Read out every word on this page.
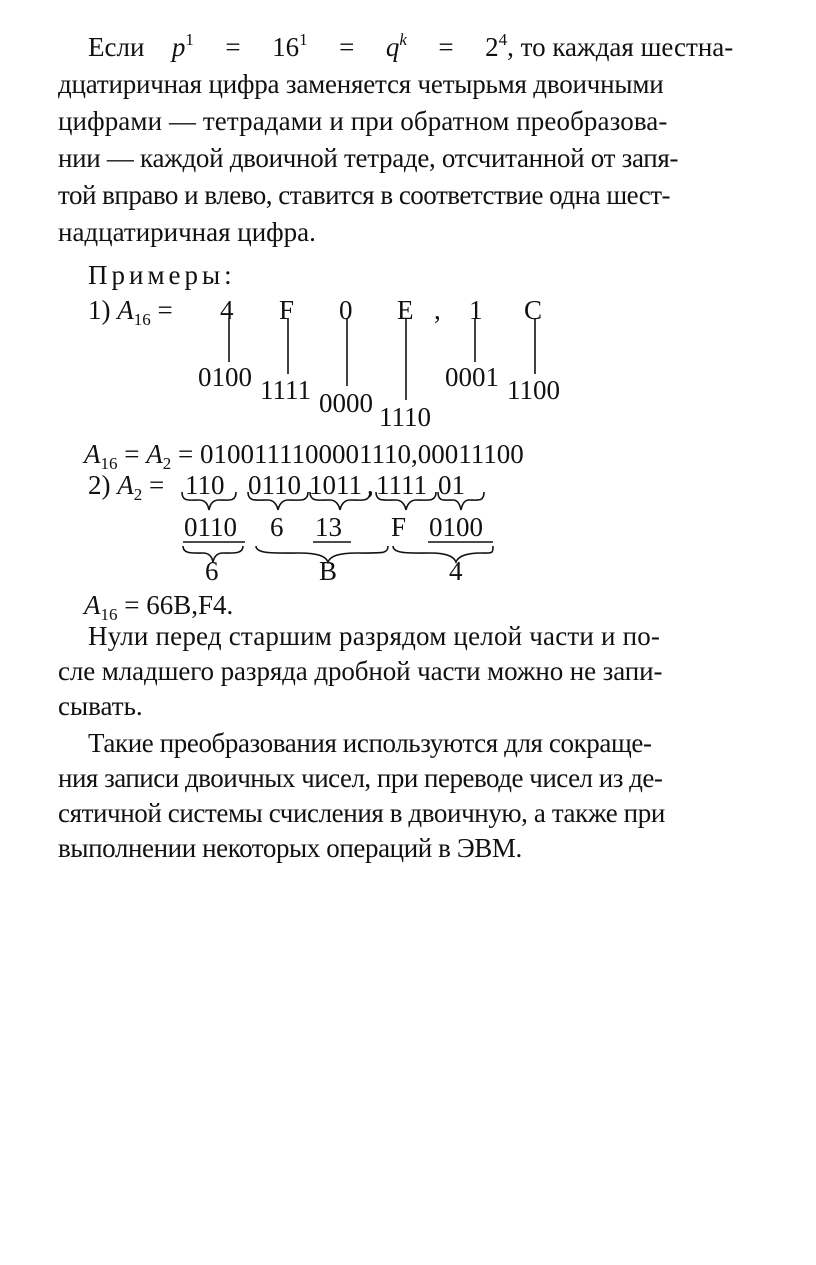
Если $p^1 = 16^1 = q^k = 2^4$, то каждая шестна-
дцатиричная цифра заменяется четырьмя двоичными
цифрами — тетрадами и при обратном преобразова-
нии — каждой двоичной тетраде, отсчитанной от запя-
той вправо и влево, ставится в соответствие одна шест-
надцатиричная цифра.
Примеры:
1) $A_{16} = 4$ F 0 E , 1 C
0100 1111 0000 1110
0001 1100
$A_{16} = A_2 = 0100111100001110,00011100$
2) $A_2 = 110$ 0110 1011 , 1111 01
0110 6 13 F 0100
6	B	4
$A_{16} = 66B,F4$.
Нули перед старшим разрядом целой части и по-
сле младшего разряда дробной части можно не запи-
сывать.
Такие преобразования используются для сокраще-
ния записи двоичных чисел, при переводе чисел из де-
сятичной системы счисления в двоичную, а также при
выполнении некоторых операций в ЭВМ.
